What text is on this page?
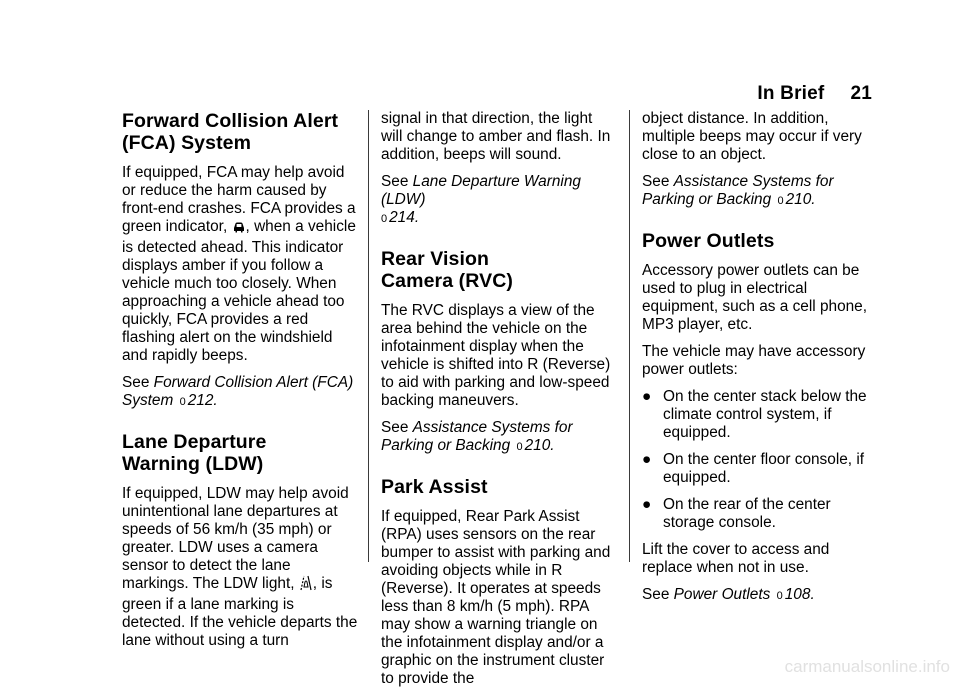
In Brief 21
Forward Collision Alert
(FCA) System

If equipped, FCA may help avoid or reduce the harm caused by front-end crashes. FCA provides a green indicator, , when a vehicle is detected ahead. This indicator displays amber if you follow a vehicle much too closely. When approaching a vehicle ahead too quickly, FCA provides a red flashing alert on the windshield and rapidly beeps.

See Forward Collision Alert (FCA) System 0 212.

Lane Departure
Warning (LDW)

If equipped, LDW may help avoid unintentional lane departures at speeds of 56 km/h (35 mph) or greater. LDW uses a camera sensor to detect the lane markings. The LDW light, , is green if a lane marking is detected. If the vehicle departs the lane without using a turn

signal in that direction, the light will change to amber and flash. In addition, beeps will sound.

See Lane Departure Warning (LDW)
0 214.

Rear Vision
Camera (RVC)

The RVC displays a view of the area behind the vehicle on the infotainment display when the vehicle is shifted into R (Reverse) to aid with parking and low-speed backing maneuvers.

See Assistance Systems for Parking or Backing 0 210.

Park Assist

If equipped, Rear Park Assist (RPA) uses sensors on the rear bumper to assist with parking and avoiding objects while in R (Reverse). It operates at speeds less than 8 km/h (5 mph). RPA may show a warning triangle on the infotainment display and/or a graphic on the instrument cluster to provide the

object distance. In addition, multiple beeps may occur if very close to an object.

See Assistance Systems for Parking or Backing 0 210.

Power Outlets

Accessory power outlets can be used to plug in electrical equipment, such as a cell phone, MP3 player, etc.

The vehicle may have accessory power outlets:

● On the center stack below the climate control system, if equipped.
● On the center floor console, if equipped.
● On the rear of the center storage console.

Lift the cover to access and replace when not in use.

See Power Outlets 0 108.

carmanualsonline.info
